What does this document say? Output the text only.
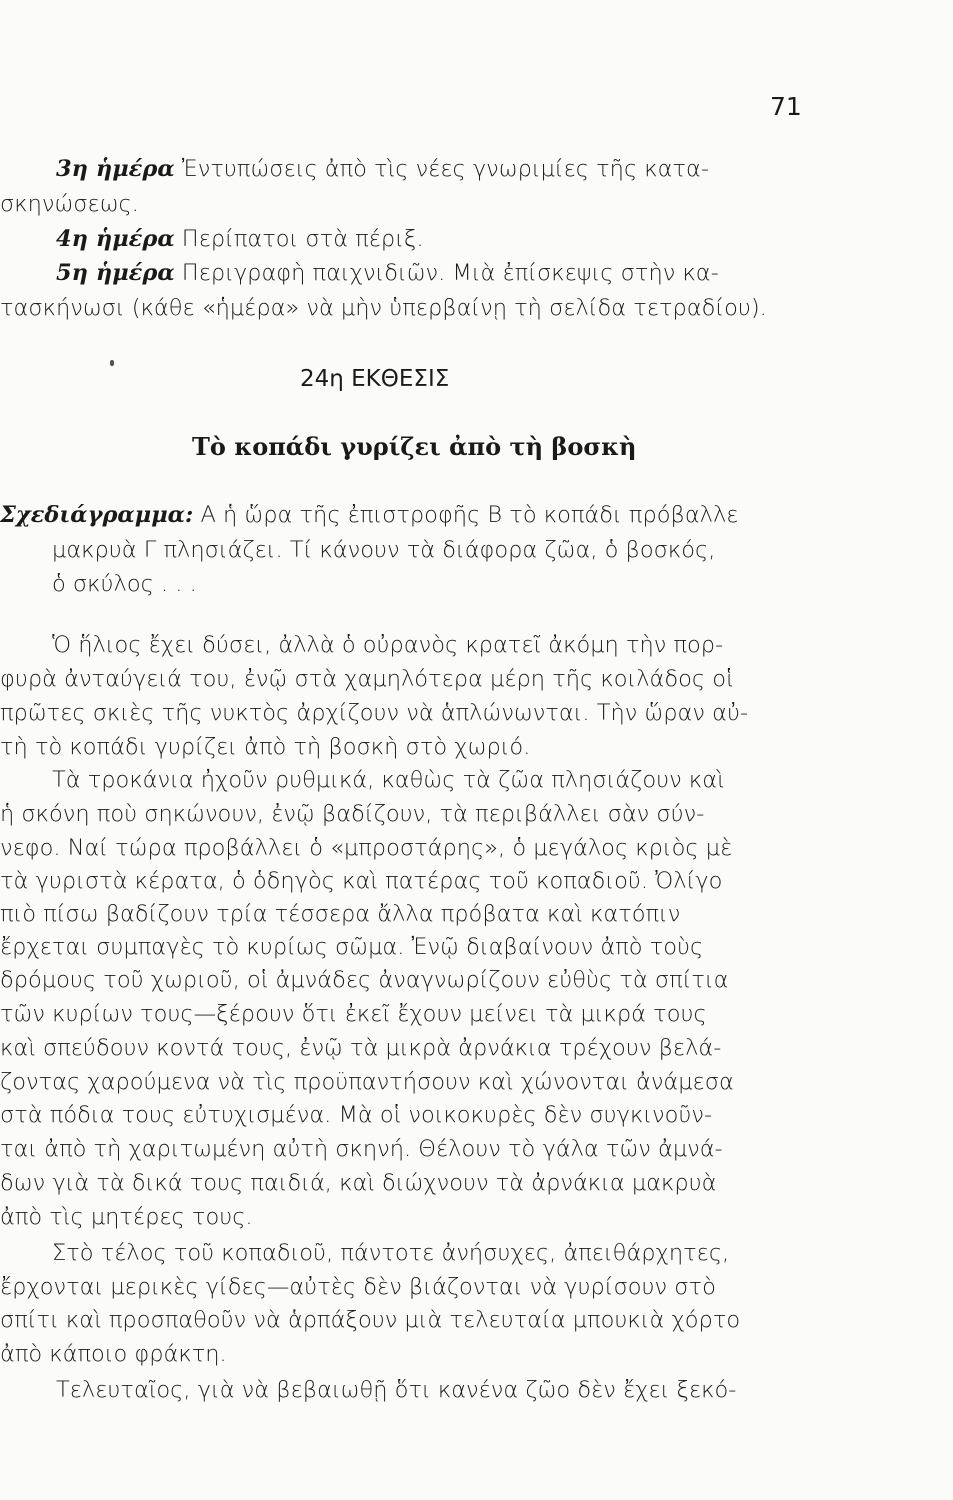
71
3η ἡμέρα Ἐντυπώσεις ἀπὸ τὶς νέες γνωριμίες τῆς κατα-
σκηνώσεως.
4η ἡμέρα Περίπατοι στὰ πέριξ.
5η ἡμέρα Περιγραφὴ παιχνιδιῶν. Μιὰ ἐπίσκεψις στὴν κα-
τασκήνωσι (κάθε «ἡμέρα» νὰ μὴν ὑπερβαίνῃ τὴ σελίδα τετραδίου).
24η ΕΚΘΕΣΙΣ
Τὸ κοπάδι γυρίζει ἀπὸ τὴ βοσκὴ
Σχεδιάγραμμα: Α ἡ ὥρα τῆς ἐπιστροφῆς Β τὸ κοπάδι πρόβαλλε
μακρυὰ Γ πλησιάζει. Τί κάνουν τὰ διάφορα ζῶα, ὁ βοσκός,
ὁ σκύλος . . .
Ὁ ἥλιος ἔχει δύσει, ἀλλὰ ὁ οὐρανὸς κρατεῖ ἀκόμη τὴν πορ-
φυρὰ ἀνταύγειά του, ἐνῷ στὰ χαμηλότερα μέρη τῆς κοιλάδος οἱ
πρῶτες σκιὲς τῆς νυκτὸς ἀρχίζουν νὰ ἁπλώνωνται. Τὴν ὥραν αὐ-
τὴ τὸ κοπάδι γυρίζει ἀπὸ τὴ βοσκὴ στὸ χωριό.
Τὰ τροκάνια ἠχοῦν ρυθμικά, καθὼς τὰ ζῶα πλησιάζουν καὶ
ἡ σκόνη ποὺ σηκώνουν, ἐνῷ βαδίζουν, τὰ περιβάλλει σὰν σύν-
νεφο. Ναί τώρα προβάλλει ὁ «μπροστάρης», ὁ μεγάλος κριὸς μὲ
τὰ γυριστὰ κέρατα, ὁ ὁδηγὸς καὶ πατέρας τοῦ κοπαδιοῦ. Ὀλίγο
πιὸ πίσω βαδίζουν τρία τέσσερα ἄλλα πρόβατα καὶ κατόπιν
ἔρχεται συμπαγὲς τὸ κυρίως σῶμα. Ἐνῷ διαβαίνουν ἀπὸ τοὺς
δρόμους τοῦ χωριοῦ, οἱ ἀμνάδες ἀναγνωρίζουν εὐθὺς τὰ σπίτια
τῶν κυρίων τους—ξέρουν ὅτι ἐκεῖ ἔχουν μείνει τὰ μικρά τους
καὶ σπεύδουν κοντά τους, ἐνῷ τὰ μικρὰ ἀρνάκια τρέχουν βελά-
ζοντας χαρούμενα νὰ τὶς προϋπαντήσουν καὶ χώνονται ἀνάμεσα
στὰ πόδια τους εὐτυχισμένα. Μὰ οἱ νοικοκυρὲς δὲν συγκινοῦν-
ται ἀπὸ τὴ χαριτωμένη αὐτὴ σκηνή. Θέλουν τὸ γάλα τῶν ἀμνά-
δων γιὰ τὰ δικά τους παιδιά, καὶ διώχνουν τὰ ἀρνάκια μακρυὰ
ἀπὸ τὶς μητέρες τους.
Στὸ τέλος τοῦ κοπαδιοῦ, πάντοτε ἀνήσυχες, ἀπειθάρχητες,
ἔρχονται μερικὲς γίδες—αὐτὲς δὲν βιάζονται νὰ γυρίσουν στὸ
σπίτι καὶ προσπαθοῦν νὰ ἁρπάξουν μιὰ τελευταία μπουκιὰ χόρτο
ἀπὸ κάποιο φράκτη.
Τελευταῖος, γιὰ νὰ βεβαιωθῇ ὅτι κανένα ζῶο δὲν ἔχει ξεκό-
